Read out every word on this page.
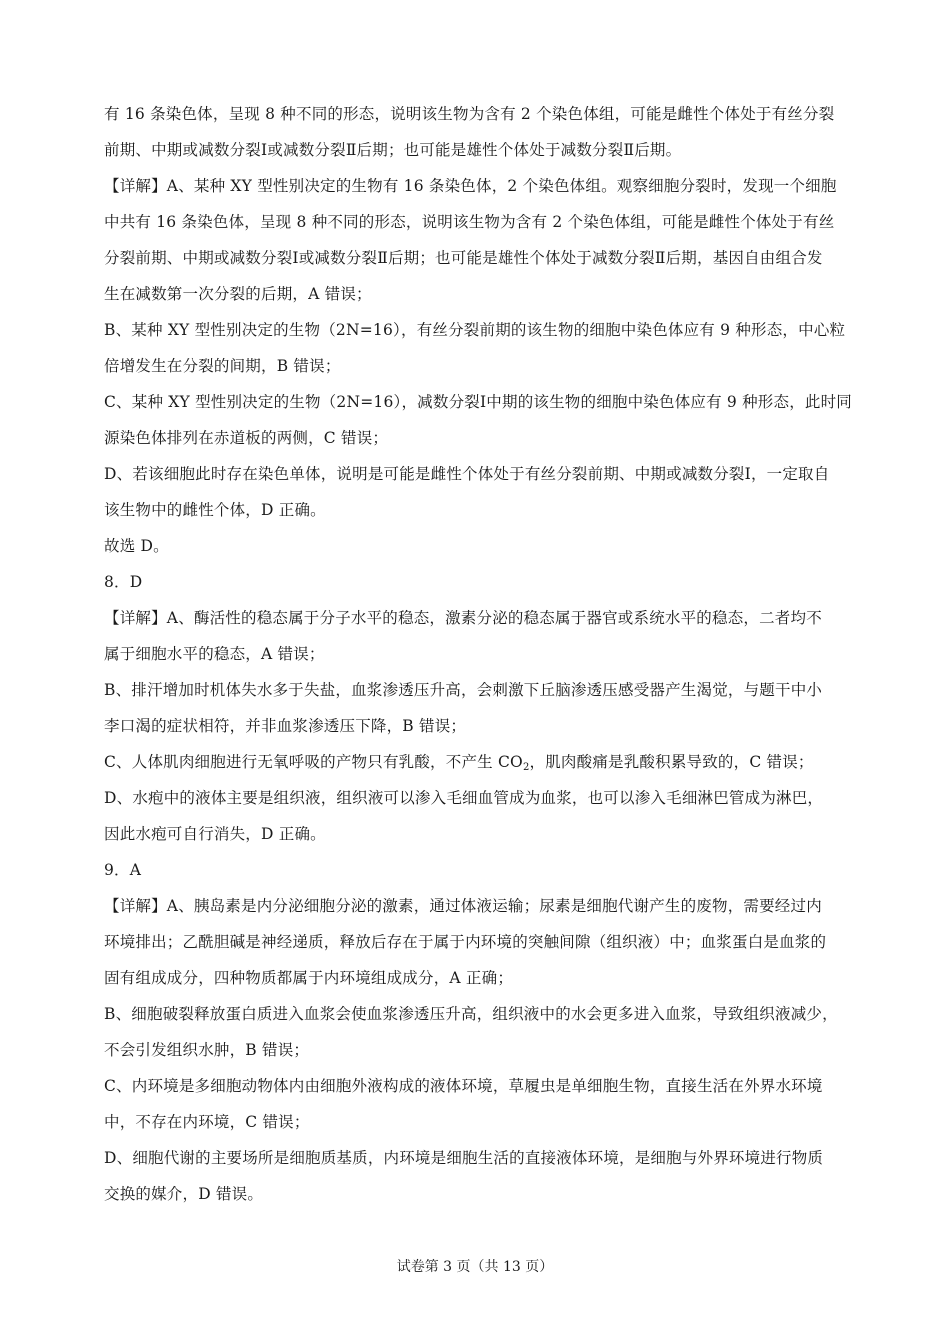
有 16 条染色体，呈现 8 种不同的形态，说明该生物为含有 2 个染色体组，可能是雌性个体处于有丝分裂
前期、中期或减数分裂Ⅰ或减数分裂Ⅱ后期；也可能是雄性个体处于减数分裂Ⅱ后期。
【详解】A、某种 XY 型性别决定的生物有 16 条染色体，2 个染色体组。观察细胞分裂时，发现一个细胞
中共有 16 条染色体，呈现 8 种不同的形态，说明该生物为含有 2 个染色体组，可能是雌性个体处于有丝
分裂前期、中期或减数分裂Ⅰ或减数分裂Ⅱ后期；也可能是雄性个体处于减数分裂Ⅱ后期，基因自由组合发
生在减数第一次分裂的后期，A 错误；
B、某种 XY 型性别决定的生物（2N=16），有丝分裂前期的该生物的细胞中染色体应有 9 种形态，中心粒
倍增发生在分裂的间期，B 错误；
C、某种 XY 型性别决定的生物（2N=16），减数分裂Ⅰ中期的该生物的细胞中染色体应有 9 种形态，此时同
源染色体排列在赤道板的两侧，C 错误；
D、若该细胞此时存在染色单体，说明是可能是雌性个体处于有丝分裂前期、中期或减数分裂Ⅰ，一定取自
该生物中的雌性个体，D 正确。
故选 D。
8．D
【详解】A、酶活性的稳态属于分子水平的稳态，激素分泌的稳态属于器官或系统水平的稳态，二者均不
属于细胞水平的稳态，A 错误；
B、排汗增加时机体失水多于失盐，血浆渗透压升高，会刺激下丘脑渗透压感受器产生渴觉，与题干中小
李口渴的症状相符，并非血浆渗透压下降，B 错误；
C、人体肌肉细胞进行无氧呼吸的产物只有乳酸，不产生 $CO_2$，肌肉酸痛是乳酸积累导致的，C 错误；
D、水疱中的液体主要是组织液，组织液可以渗入毛细血管成为血浆，也可以渗入毛细淋巴管成为淋巴，
因此水疱可自行消失，D 正确。
9．A
【详解】A、胰岛素是内分泌细胞分泌的激素，通过体液运输；尿素是细胞代谢产生的废物，需要经过内
环境排出；乙酰胆碱是神经递质，释放后存在于属于内环境的突触间隙（组织液）中；血浆蛋白是血浆的
固有组成成分，四种物质都属于内环境组成成分，A 正确；
B、细胞破裂释放蛋白质进入血浆会使血浆渗透压升高，组织液中的水会更多进入血浆，导致组织液减少，
不会引发组织水肿，B 错误；
C、内环境是多细胞动物体内由细胞外液构成的液体环境，草履虫是单细胞生物，直接生活在外界水环境
中，不存在内环境，C 错误；
D、细胞代谢的主要场所是细胞质基质，内环境是细胞生活的直接液体环境，是细胞与外界环境进行物质
交换的媒介，D 错误。
试卷第 3 页（共 13 页）
